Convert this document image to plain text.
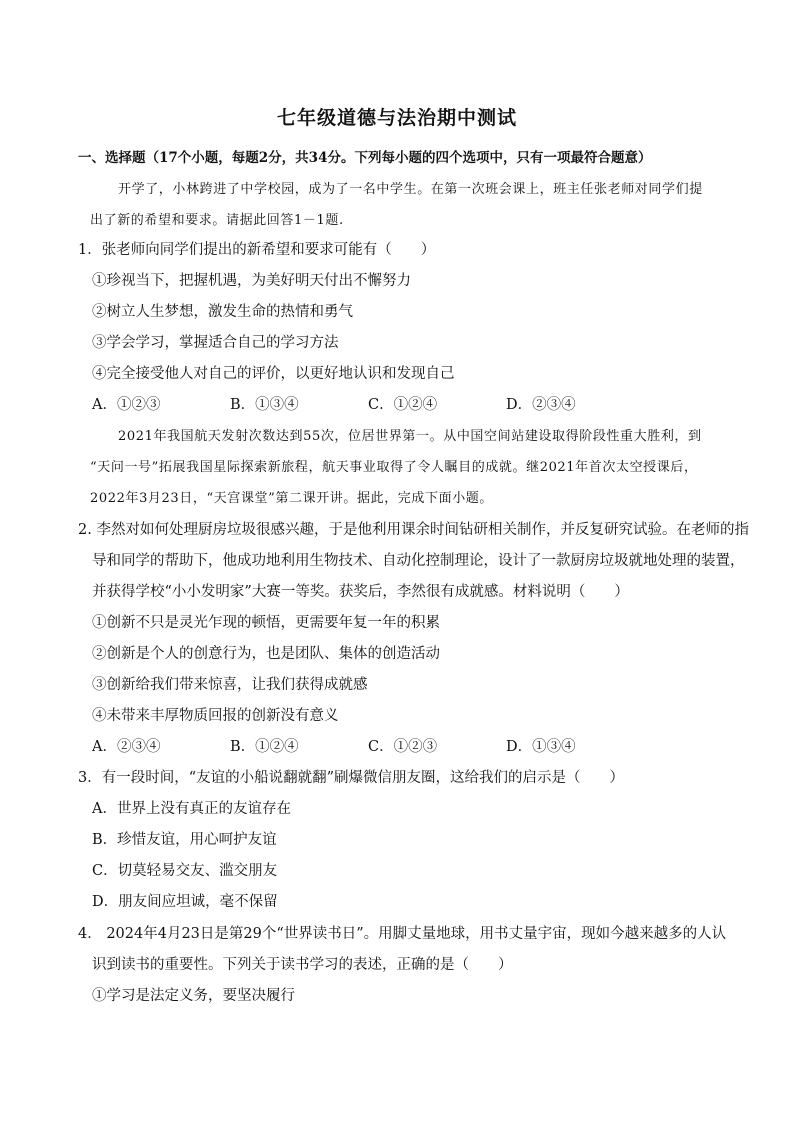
七年级道德与法治期中测试
一、选择题（17个小题，每题2分，共34分。下列每小题的四个选项中，只有一项最符合题意）
开学了，小林跨进了中学校园，成为了一名中学生。在第一次班会课上，班主任张老师对同学们提
出了新的希望和要求。请据此回答1－1题.
1．张老师向同学们提出的新希望和要求可能有（　　）
①珍视当下，把握机遇，为美好明天付出不懈努力
②树立人生梦想，激发生命的热情和勇气
③学会学习，掌握适合自己的学习方法
④完全接受他人对自己的评价，以更好地认识和发现自己
A．①②③	B．①③④	C．①②④	D．②③④
2021年我国航天发射次数达到55次，位居世界第一。从中国空间站建设取得阶段性重大胜利，到
“天问一号”拓展我国星际探索新旅程，航天事业取得了令人瞩目的成就。继2021年首次太空授课后，
2022年3月23日，“天宫课堂”第二课开讲。据此，完成下面小题。
2. 李然对如何处理厨房垃圾很感兴趣，于是他利用课余时间钻研相关制作，并反复研究试验。在老师的指
导和同学的帮助下，他成功地利用生物技术、自动化控制理论，设计了一款厨房垃圾就地处理的装置，
并获得学校“小小发明家”大赛一等奖。获奖后，李然很有成就感。材料说明（　　）
①创新不只是灵光乍现的顿悟，更需要年复一年的积累
②创新是个人的创意行为，也是团队、集体的创造活动
③创新给我们带来惊喜，让我们获得成就感
④未带来丰厚物质回报的创新没有意义
A．②③④	B．①②④	C．①②③	D．①③④
3．有一段时间，“友谊的小船说翻就翻”刷爆微信朋友圈，这给我们的启示是（　　）
A．世界上没有真正的友谊存在
B．珍惜友谊，用心呵护友谊
C．切莫轻易交友、滥交朋友
D．朋友间应坦诚，毫不保留
4． 2024年4月23日是第29个“世界读书日”。用脚丈量地球，用书丈量宇宙，现如今越来越多的人认
识到读书的重要性。下列关于读书学习的表述，正确的是（　　）
①学习是法定义务，要坚决履行
